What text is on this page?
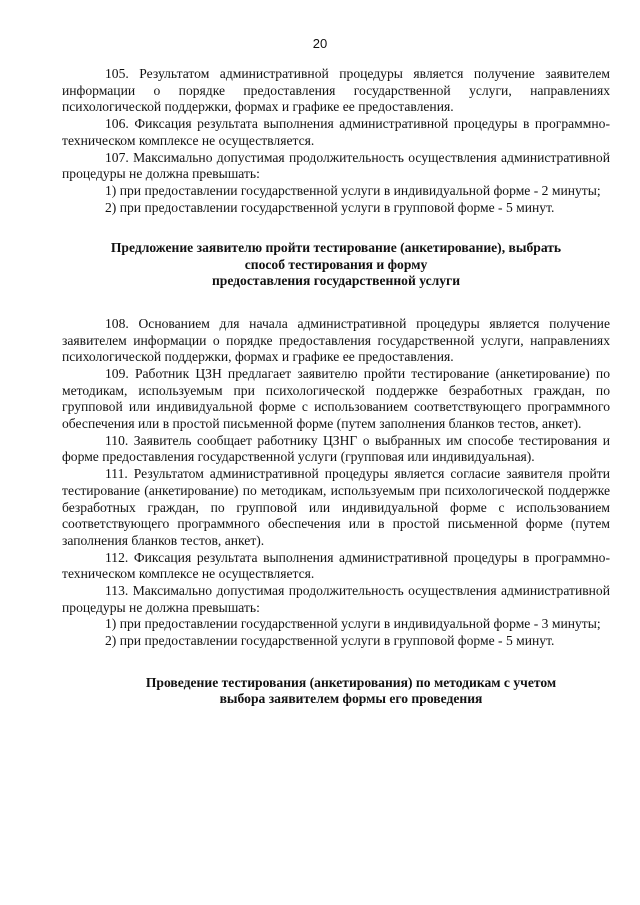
20

105. Результатом административной процедуры является получение заявителем информации о порядке предоставления государственной услуги, направлениях психологической поддержки, формах и графике ее предоставления.

106. Фиксация результата выполнения административной процедуры в программно-техническом комплексе не осуществляется.

107. Максимально допустимая продолжительность осуществления административной процедуры не должна превышать:

1) при предоставлении государственной услуги в индивидуальной форме - 2 минуты;

2) при предоставлении государственной услуги в групповой форме - 5 минут.

Предложение заявителю пройти тестирование (анкетирование), выбрать
способ тестирования и форму
предоставления государственной услуги

108. Основанием для начала административной процедуры является получение заявителем информации о порядке предоставления государственной услуги, направлениях психологической поддержки, формах и графике ее предоставления.

109. Работник ЦЗН предлагает заявителю пройти тестирование (анкетирование) по методикам, используемым при психологической поддержке безработных граждан, по групповой или индивидуальной форме с использованием соответствующего программного обеспечения или в простой письменной форме (путем заполнения бланков тестов, анкет).

110. Заявитель сообщает работнику ЦЗНГ о выбранных им способе тестирования и форме предоставления государственной услуги (групповая или индивидуальная).

111. Результатом административной процедуры является согласие заявителя пройти тестирование (анкетирование) по методикам, используемым при психологической поддержке безработных граждан, по групповой или индивидуальной форме с использованием соответствующего программного обеспечения или в простой письменной форме (путем заполнения бланков тестов, анкет).

112. Фиксация результата выполнения административной процедуры в программно-техническом комплексе не осуществляется.

113. Максимально допустимая продолжительность осуществления административной процедуры не должна превышать:

1) при предоставлении государственной услуги в индивидуальной форме - 3 минуты;

2) при предоставлении государственной услуги в групповой форме - 5 минут.

Проведение тестирования (анкетирования) по методикам с учетом
выбора заявителем формы его проведения
